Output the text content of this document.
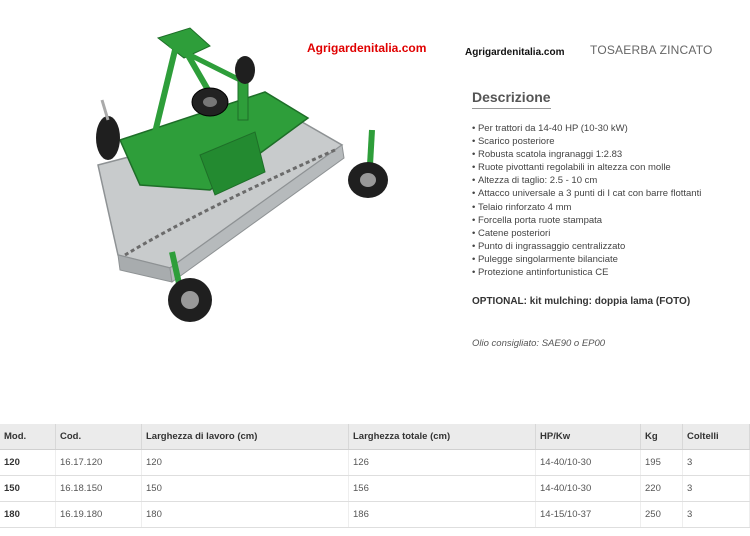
Agrigardenitalia.com	Agrigardenitalia.com TOSAERBA ZINCATO
Descrizione
• Per trattori da 14-40 HP (10-30 kW)
• Scarico posteriore
• Robusta scatola ingranaggi 1:2.83
• Ruote pivottanti regolabili in altezza con molle
• Altezza di taglio: 2.5 - 10 cm
• Attacco universale a 3 punti di I cat con barre flottanti
• Telaio rinforzato 4 mm
• Forcella porta ruote stampata
• Catene posteriori
• Punto di ingrassaggio centralizzato
• Pulegge singolarmente bilanciate
• Protezione antinfortunistica CE
OPTIONAL: kit mulching: doppia lama (FOTO)
Olio consigliato: SAE90 o EP00
Mod.	Cod.	Larghezza di lavoro (cm)	Larghezza totale (cm)	HP/Kw	Kg	Coltelli
120	16.17.120	120	126	14-40/10-30	195	3
150	16.18.150	150	156	14-40/10-30	220	3
180	16.19.180	180	186	14-15/10-37	250	3
